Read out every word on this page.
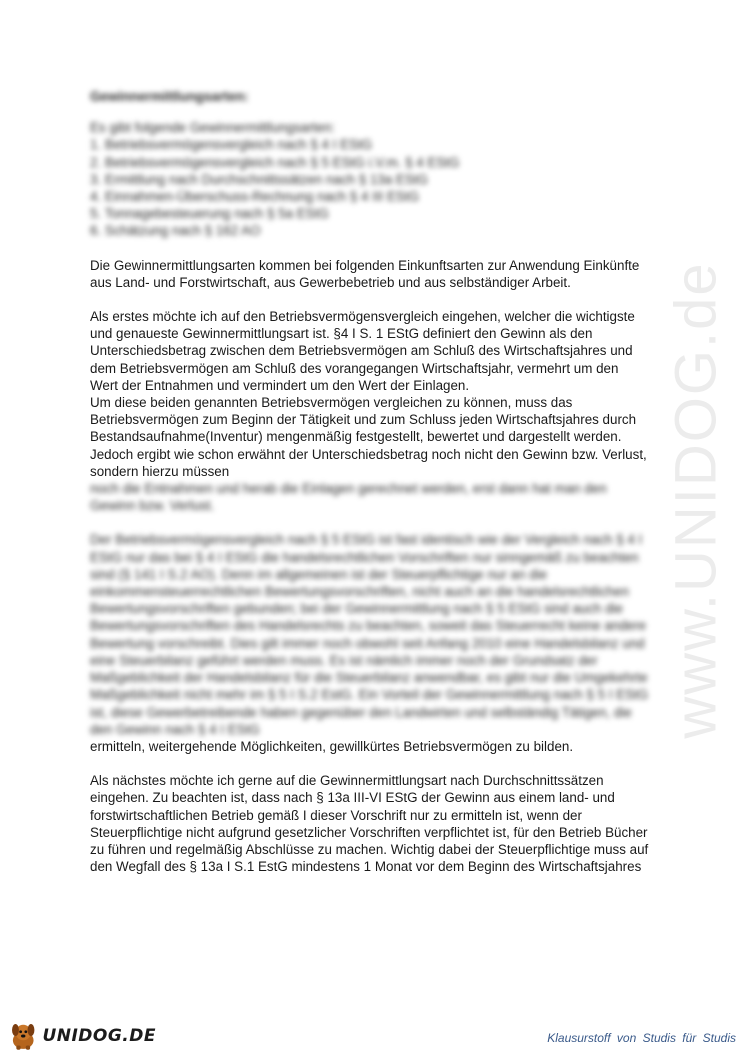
www.UNIDOG.de
Gewinnermittlungsarten:
Es gibt folgende Gewinnermittlungsarten:
1. Betriebsvermögensvergleich nach § 4 I EStG
2. Betriebsvermögensvergleich nach § 5 EStG i.V.m. § 4 EStG
3. Ermittlung nach Durchschnittssätzen nach § 13a EStG
4. Einnahmen-Überschuss-Rechnung nach § 4 III EStG
5. Tonnagebesteuerung nach § 5a EStG
6. Schätzung nach § 162 AO

Die Gewinnermittlungsarten kommen bei folgenden Einkunftsarten zur Anwendung Einkünfte aus Land- und Forstwirtschaft, aus Gewerbebetrieb und aus selbständiger Arbeit.

Als erstes möchte ich auf den Betriebsvermögensvergleich eingehen, welcher die wichtigste und genaueste Gewinnermittlungsart ist. §4 I S. 1 EStG definiert den Gewinn als den Unterschiedsbetrag zwischen dem Betriebsvermögen am Schluß des Wirtschaftsjahres und dem Betriebsvermögen am Schluß des vorangegangen Wirtschaftsjahr, vermehrt um den Wert der Entnahmen und vermindert um den Wert der Einlagen.

Um diese beiden genannten Betriebsvermögen vergleichen zu können, muss das Betriebsvermögen zum Beginn der Tätigkeit und zum Schluss jeden Wirtschaftsjahres durch Bestandsaufnahme(Inventur) mengenmäßig festgestellt, bewertet und dargestellt werden. Jedoch ergibt wie schon erwähnt der Unterschiedsbetrag noch nicht den Gewinn bzw. Verlust, sondern hierzu müssen

noch die Entnahmen und herab die Einlagen gerechnet werden, erst dann hat man den Gewinn bzw. Verlust.

Der Betriebsvermögensvergleich nach § 5 EStG ist fast identisch wie der Vergleich nach § 4 I EStG nur das bei § 4 I EStG die handelsrechtlichen Vorschriften nur sinngemäß zu beachten sind (§ 141 I S.2 AO). Denn im allgemeinen ist der Steuerpflichtige nur an die einkommensteuerrechtlichen Bewertungsvorschriften, nicht auch an die handelsrechtlichen Bewertungsvorschriften gebunden; bei der Gewinnermittlung nach § 5 EStG sind auch die Bewertungsvorschriften des Handelsrechts zu beachten, soweit das Steuerrecht keine andere Bewertung vorschreibt. Dies gilt immer noch obwohl seit Anfang 2010 eine Handelsbilanz und eine Steuerbilanz geführt werden muss. Es ist nämlich immer noch der Grundsatz der Maßgeblichkeit der Handelsbilanz für die Steuerbilanz anwendbar, es gibt nur die Umgekehrte Maßgeblichkeit nicht mehr im § 5 I S.2 EstG. Ein Vorteil der Gewinnermittlung nach § 5 I EStG ist, diese Gewerbetreibende haben gegenüber den Landwirten und selbständig Tätigen, die den Gewinn nach § 4 I EStG

ermitteln, weitergehende Möglichkeiten, gewillkürtes Betriebsvermögen zu bilden.

Als nächstes möchte ich gerne auf die Gewinnermittlungsart nach Durchschnittssätzen eingehen. Zu beachten ist, dass nach § 13a III-VI EStG der Gewinn aus einem land- und forstwirtschaftlichen Betrieb gemäß I dieser Vorschrift nur zu ermitteln ist, wenn der Steuerpflichtige nicht aufgrund gesetzlicher Vorschriften verpflichtet ist, für den Betrieb Bücher zu führen und regelmäßig Abschlüsse zu machen. Wichtig dabei der Steuerpflichtige muss auf den Wegfall des § 13a I S.1 EstG mindestens 1 Monat vor dem Beginn des Wirtschaftsjahres

UNIDOG.DE	Klausurstoff von Studis für Studis
